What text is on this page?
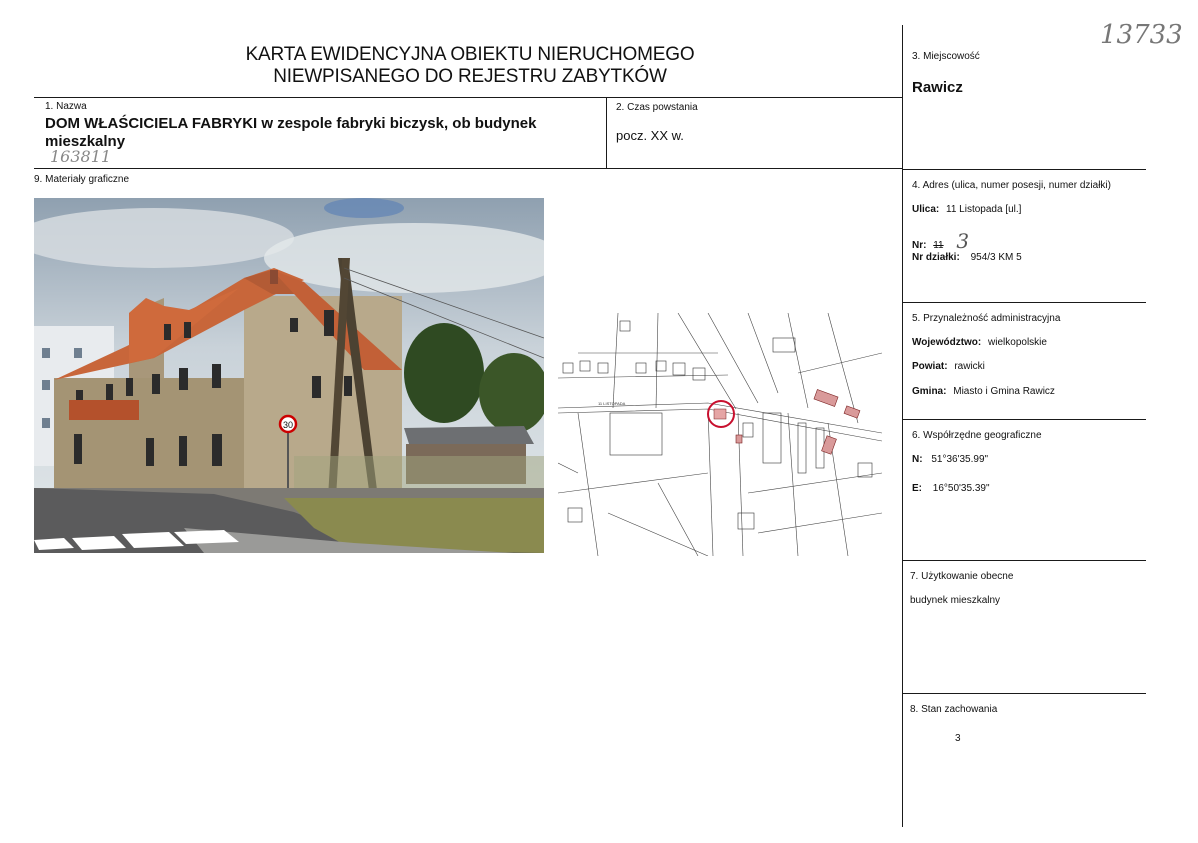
13733
KARTA EWIDENCYJNA OBIEKTU NIERUCHOMEGO
NIEWPISANEGO DO REJESTRU ZABYTKÓW
1. Nazwa
DOM WŁAŚCICIELA FABRYKI w zespole fabryki biczysk, ob budynek mieszkalny
163811
2. Czas powstania
pocz. XX w.
3. Miejscowość
Rawicz
9. Materiały graficzne
4. Adres (ulica, numer posesji, numer działki)
Ulica: 11 Listopada [ul.]
Nr: 11 3
Nr działki: 954/3 KM 5
5. Przynależność administracyjna
Województwo: wielkopolskie
Powiat: rawicki
Gmina: Miasto i Gmina Rawicz
6. Współrzędne geograficzne
N: 51°36'35.99"
E: 16°50'35.39"
7. Użytkowanie obecne
budynek mieszkalny
8. Stan zachowania
3
30
11 LISTOPADA
